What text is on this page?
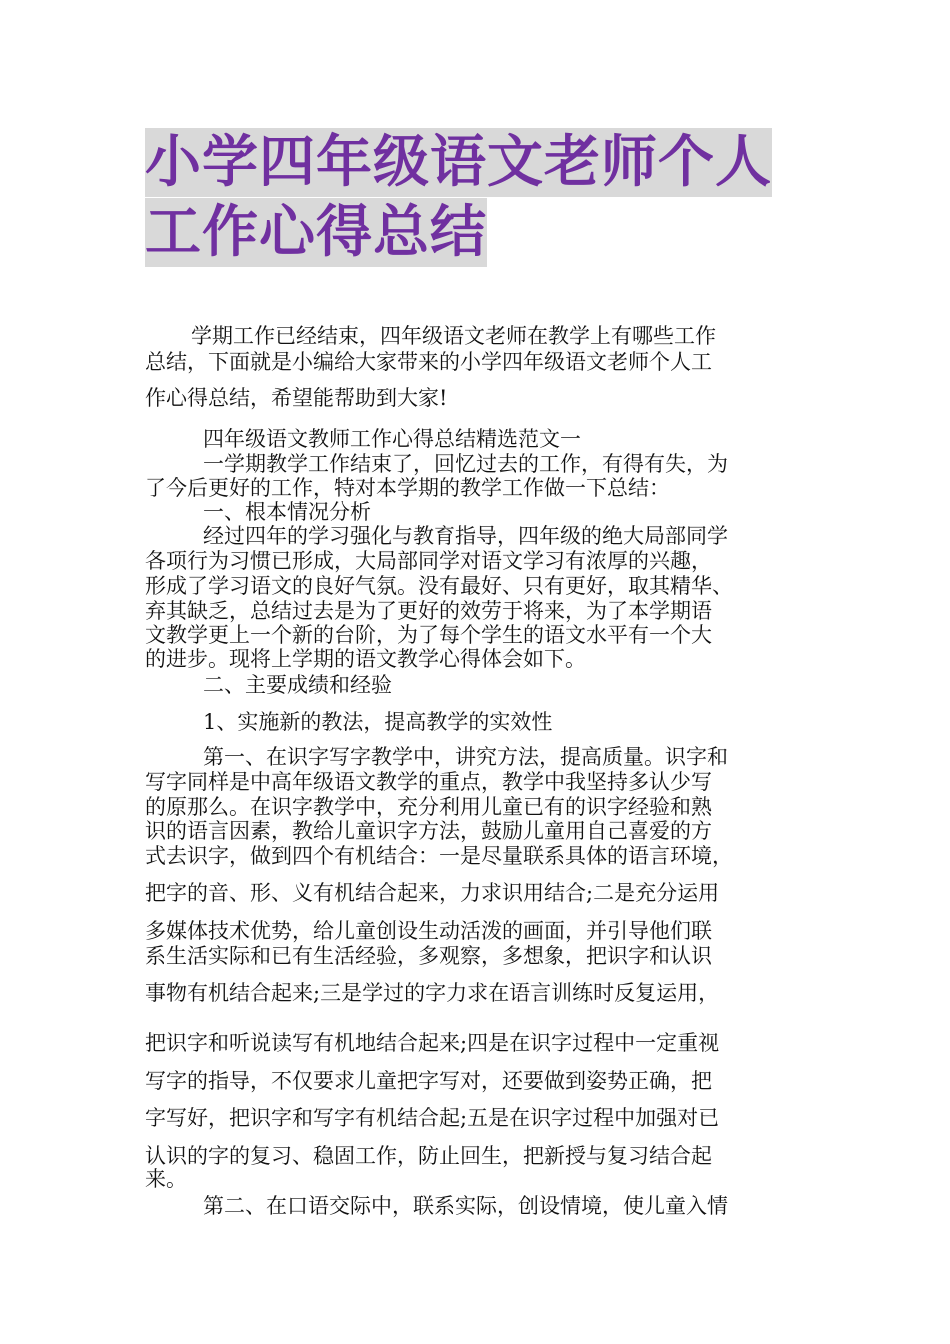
小学四年级语文老师个人工作心得总结

学期工作已经结束，四年级语文老师在教学上有哪些工作

总结，下面就是小编给大家带来的小学四年级语文老师个人工

作心得总结，希望能帮助到大家!

四年级语文教师工作心得总结精选范文一

一学期教学工作结束了，回忆过去的工作，有得有失，为

了今后更好的工作，特对本学期的教学工作做一下总结：

一、根本情况分析

经过四年的学习强化与教育指导，四年级的绝大局部同学

各项行为习惯已形成，大局部同学对语文学习有浓厚的兴趣，

形成了学习语文的良好气氛。没有最好、只有更好，取其精华、

弃其缺乏，总结过去是为了更好的效劳于将来，为了本学期语

文教学更上一个新的台阶，为了每个学生的语文水平有一个大

的进步。现将上学期的语文教学心得体会如下。

二、主要成绩和经验

1、实施新的教法，提高教学的实效性

第一、在识字写字教学中，讲究方法，提高质量。识字和

写字同样是中高年级语文教学的重点，教学中我坚持多认少写

的原那么。在识字教学中，充分利用儿童已有的识字经验和熟

识的语言因素，教给儿童识字方法，鼓励儿童用自己喜爱的方

式去识字，做到四个有机结合：一是尽量联系具体的语言环境，

把字的音、形、义有机结合起来，力求识用结合;二是充分运用

多媒体技术优势，给儿童创设生动活泼的画面，并引导他们联

系生活实际和已有生活经验，多观察，多想象，把识字和认识

事物有机结合起来;三是学过的字力求在语言训练时反复运用，

把识字和听说读写有机地结合起来;四是在识字过程中一定重视

写字的指导，不仅要求儿童把字写对，还要做到姿势正确，把

字写好，把识字和写字有机结合起;五是在识字过程中加强对已

认识的字的复习、稳固工作，防止回生，把新授与复习结合起

来。

第二、在口语交际中，联系实际，创设情境，使儿童入情
